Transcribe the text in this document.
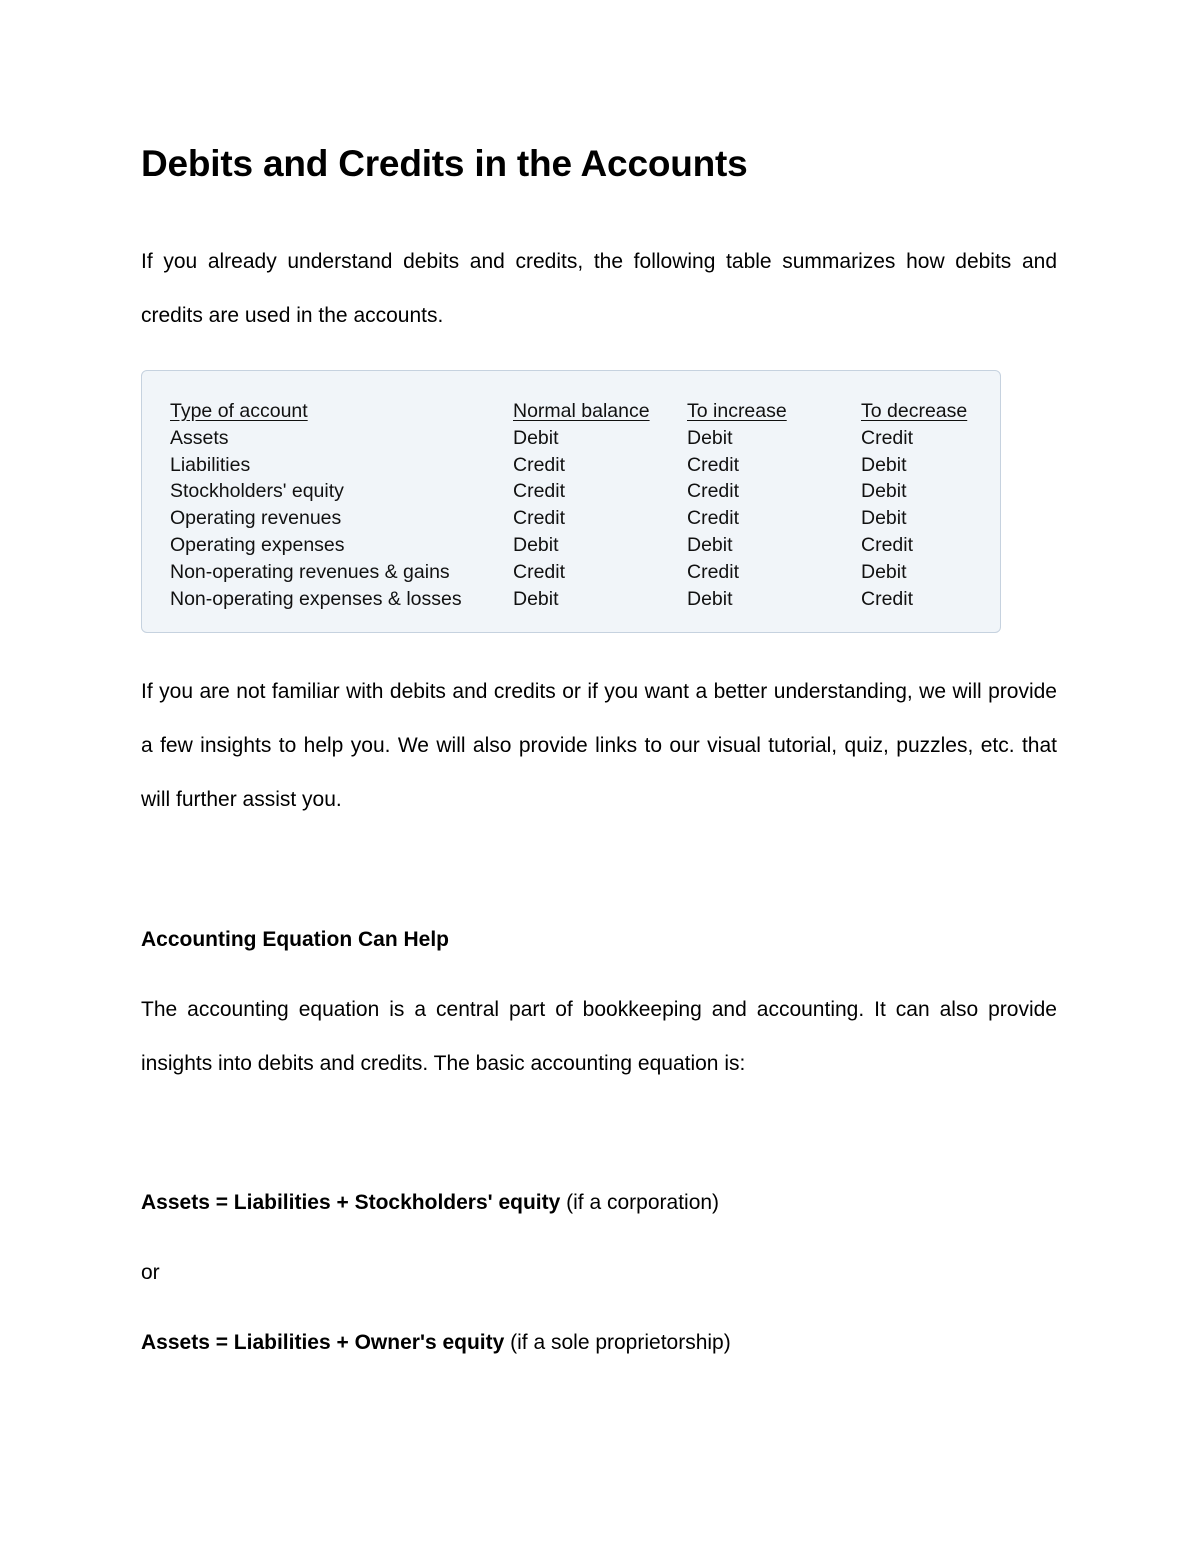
Debits and Credits in the Accounts

If you already understand debits and credits, the following table summarizes how debits and credits are used in the accounts.

Type of account	Normal balance	To increase	To decrease
Assets	Debit	Debit	Credit
Liabilities	Credit	Credit	Debit
Stockholders' equity	Credit	Credit	Debit
Operating revenues	Credit	Credit	Debit
Operating expenses	Debit	Debit	Credit
Non-operating revenues & gains	Credit	Credit	Debit
Non-operating expenses & losses	Debit	Debit	Credit

If you are not familiar with debits and credits or if you want a better understanding, we will provide a few insights to help you. We will also provide links to our visual tutorial, quiz, puzzles, etc. that will further assist you.

Accounting Equation Can Help

The accounting equation is a central part of bookkeeping and accounting. It can also provide insights into debits and credits. The basic accounting equation is:

Assets = Liabilities + Stockholders' equity (if a corporation)

or

Assets = Liabilities + Owner's equity (if a sole proprietorship)
